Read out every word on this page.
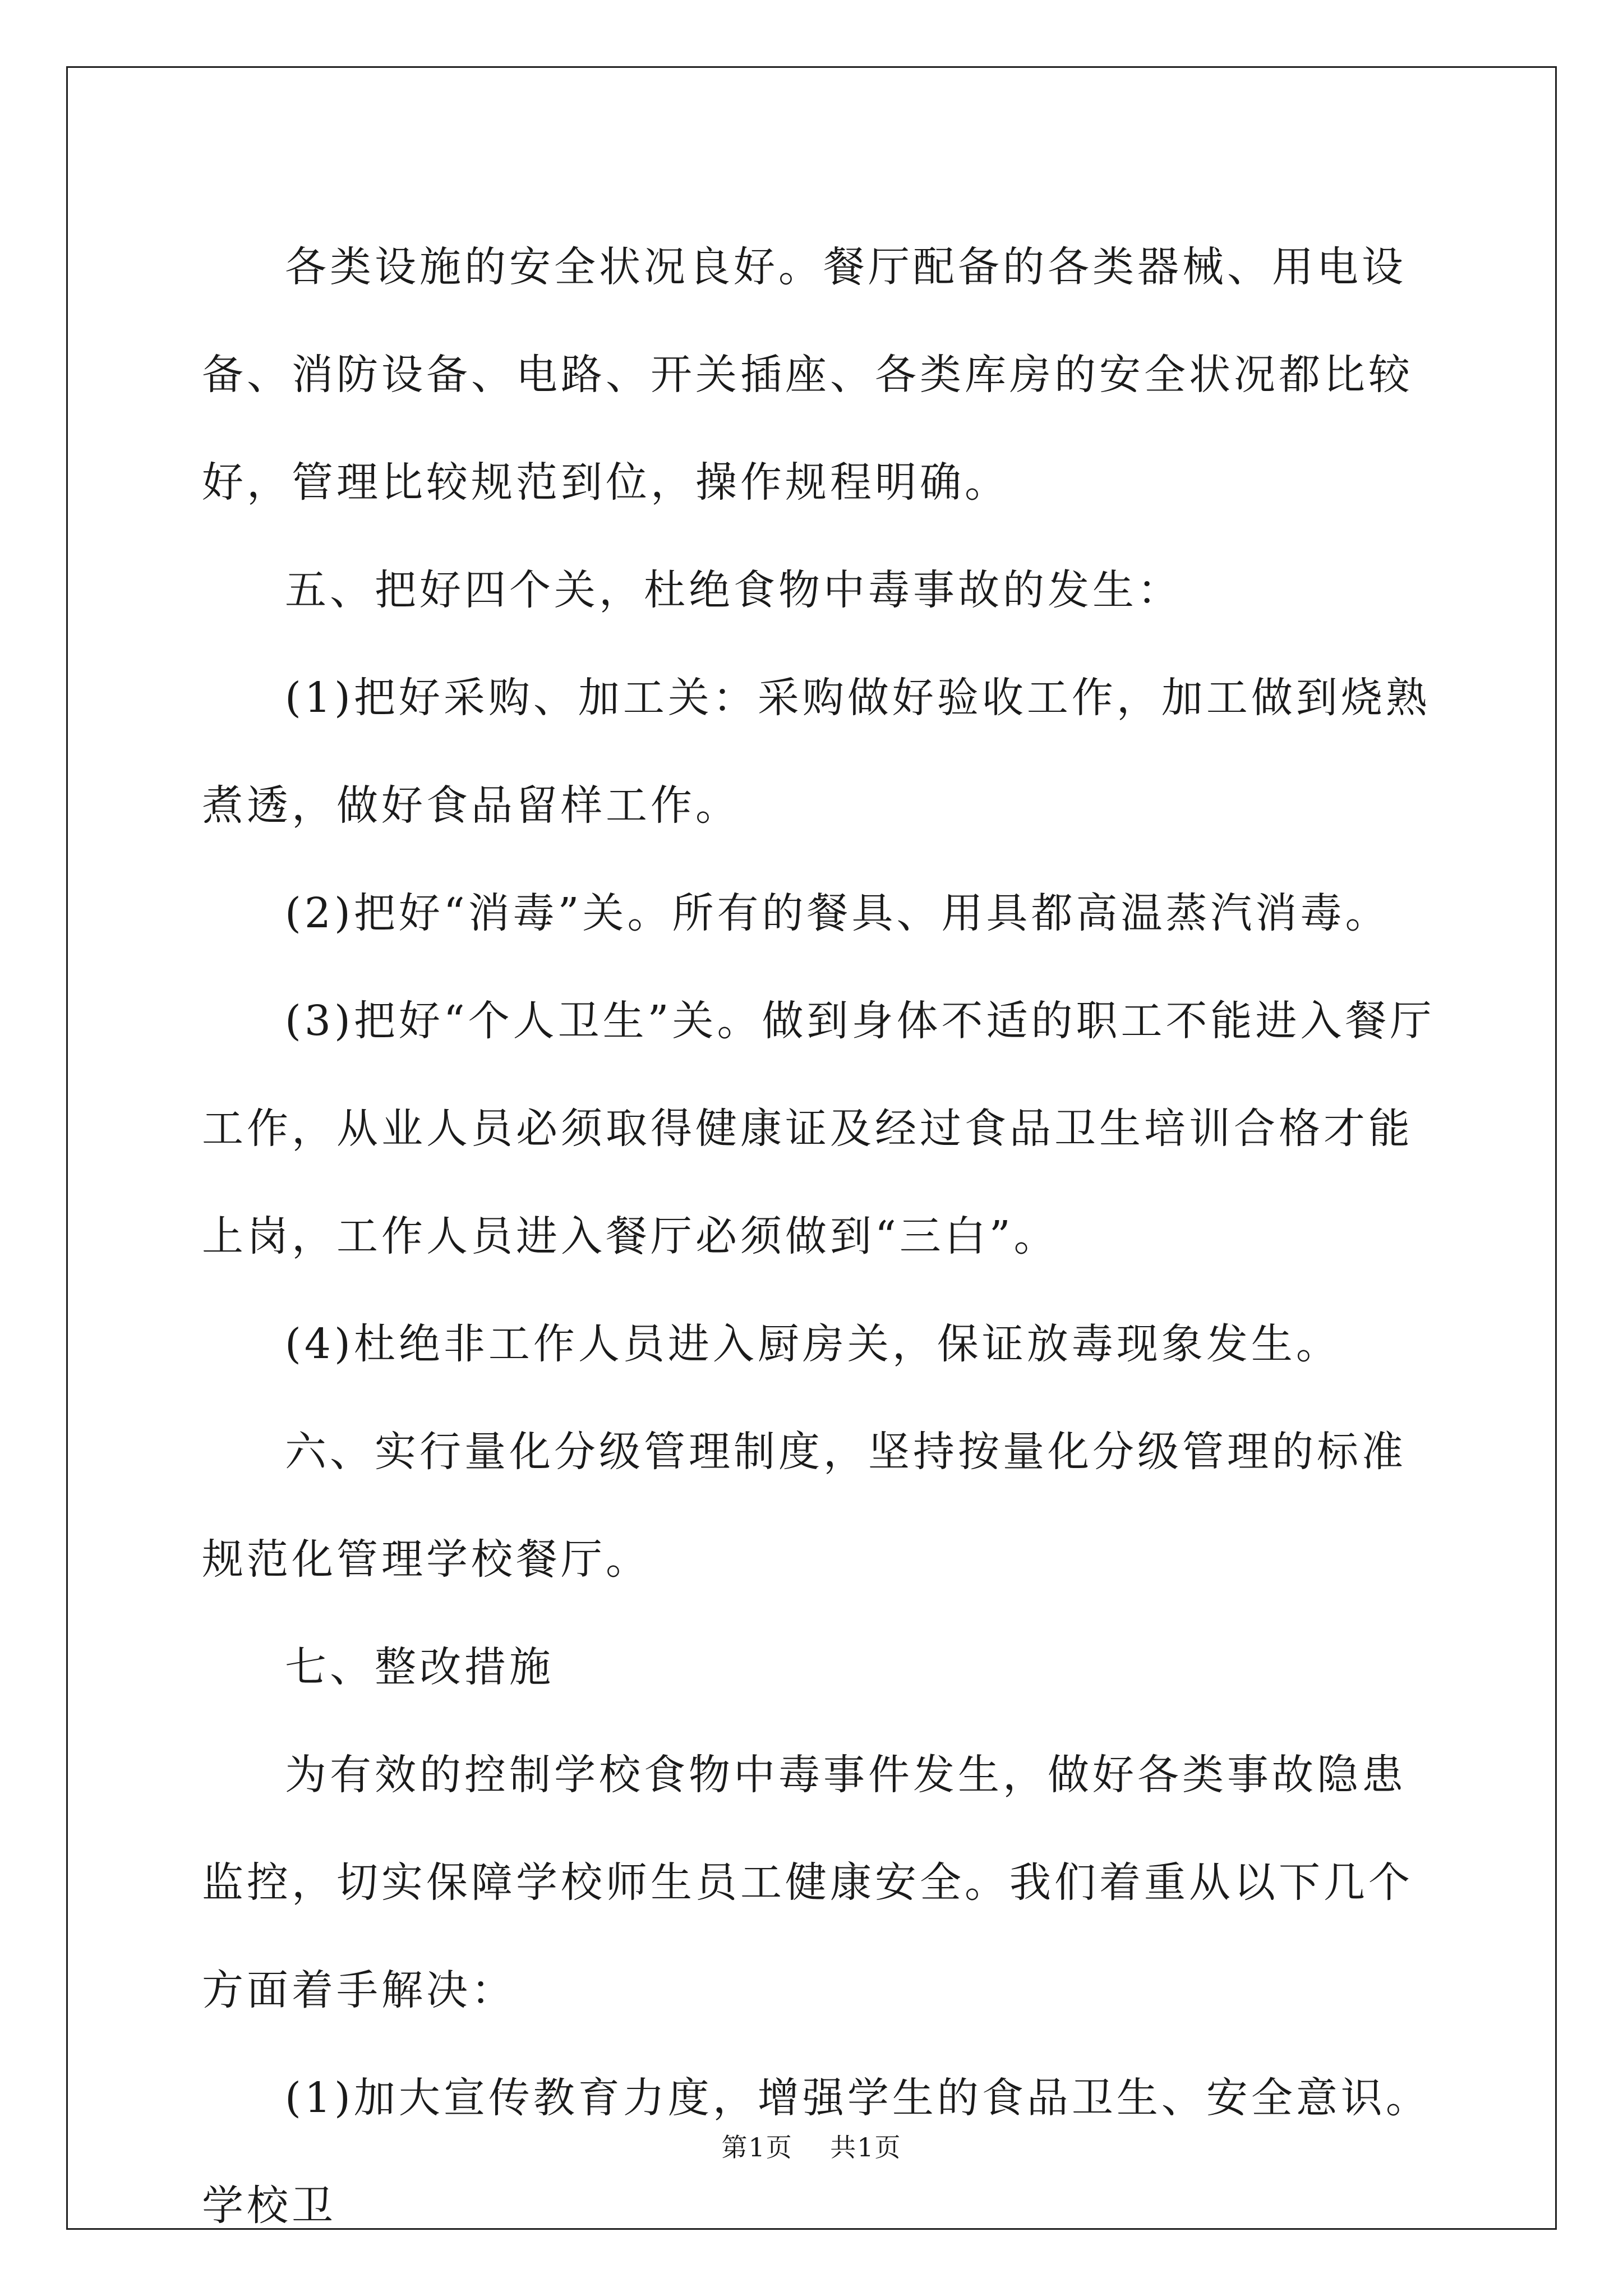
各类设施的安全状况良好。餐厅配备的各类器械、用电设备、消防设备、电路、开关插座、各类库房的安全状况都比较好，管理比较规范到位，操作规程明确。

五、把好四个关，杜绝食物中毒事故的发生：

(1)把好采购、加工关：采购做好验收工作，加工做到烧熟煮透，做好食品留样工作。

(2)把好“消毒”关。所有的餐具、用具都高温蒸汽消毒。

(3)把好“个人卫生”关。做到身体不适的职工不能进入餐厅工作，从业人员必须取得健康证及经过食品卫生培训合格才能上岗，工作人员进入餐厅必须做到“三白”。

(4)杜绝非工作人员进入厨房关，保证放毒现象发生。

六、实行量化分级管理制度，坚持按量化分级管理的标准规范化管理学校餐厅。

七、整改措施

为有效的控制学校食物中毒事件发生，做好各类事故隐患监控，切实保障学校师生员工健康安全。我们着重从以下几个方面着手解决：

(1)加大宣传教育力度，增强学生的食品卫生、安全意识。学校卫

第1页 共1页
